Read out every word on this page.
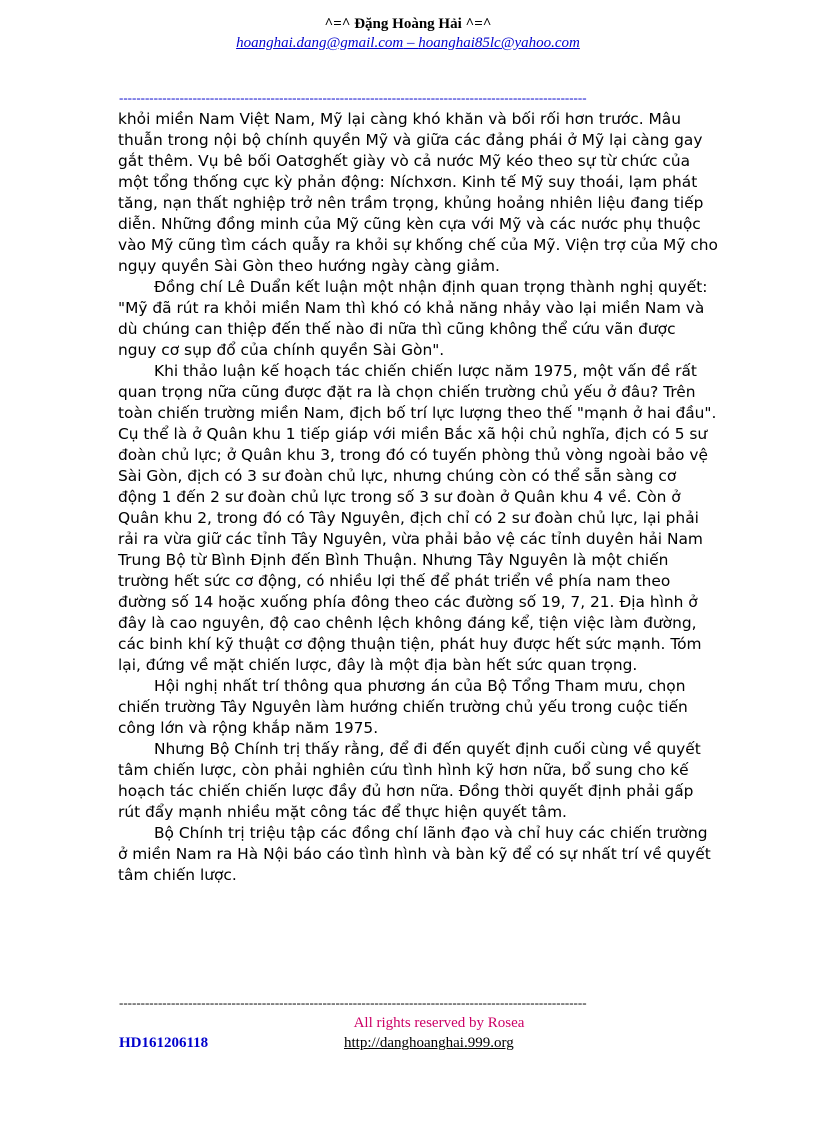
^=^ Đặng Hoàng Hải ^=^
hoanghai.dang@gmail.com – hoanghai85lc@yahoo.com
------------------------------------------------------------------------------------------------------------

khỏi miền Nam Việt Nam, Mỹ lại càng khó khăn và bối rối hơn trước. Mâu thuẫn trong nội bộ chính quyền Mỹ và giữa các đảng phái ở Mỹ lại càng gay gắt thêm. Vụ bê bối Oatơghết giày vò cả nước Mỹ kéo theo sự từ chức của một tổng thống cực kỳ phản động: Níchxơn. Kinh tế Mỹ suy thoái, lạm phát tăng, nạn thất nghiệp trở nên trầm trọng, khủng hoảng nhiên liệu đang tiếp diễn. Những đồng minh của Mỹ cũng kèn cựa với Mỹ và các nước phụ thuộc vào Mỹ cũng tìm cách quẫy ra khỏi sự khống chế của Mỹ. Viện trợ của Mỹ cho ngụy quyền Sài Gòn theo hướng ngày càng giảm.

Đồng chí Lê Duẩn kết luận một nhận định quan trọng thành nghị quyết: "Mỹ đã rút ra khỏi miền Nam thì khó có khả năng nhảy vào lại miền Nam và dù chúng can thiệp đến thế nào đi nữa thì cũng không thể cứu vãn được nguy cơ sụp đổ của chính quyền Sài Gòn".

Khi thảo luận kế hoạch tác chiến chiến lược năm 1975, một vấn đề rất quan trọng nữa cũng được đặt ra là chọn chiến trường chủ yếu ở đâu? Trên toàn chiến trường miền Nam, địch bố trí lực lượng theo thế "mạnh ở hai đầu". Cụ thể là ở Quân khu 1 tiếp giáp với miền Bắc xã hội chủ nghĩa, địch có 5 sư đoàn chủ lực; ở Quân khu 3, trong đó có tuyến phòng thủ vòng ngoài bảo vệ Sài Gòn, địch có 3 sư đoàn chủ lực, nhưng chúng còn có thể sẵn sàng cơ động 1 đến 2 sư đoàn chủ lực trong số 3 sư đoàn ở Quân khu 4 về. Còn ở Quân khu 2, trong đó có Tây Nguyên, địch chỉ có 2 sư đoàn chủ lực, lại phải rải ra vừa giữ các tỉnh Tây Nguyên, vừa phải bảo vệ các tỉnh duyên hải Nam Trung Bộ từ Bình Định đến Bình Thuận. Nhưng Tây Nguyên là một chiến trường hết sức cơ động, có nhiều lợi thế để phát triển về phía nam theo đường số 14 hoặc xuống phía đông theo các đường số 19, 7, 21. Địa hình ở đây là cao nguyên, độ cao chênh lệch không đáng kể, tiện việc làm đường, các binh khí kỹ thuật cơ động thuận tiện, phát huy được hết sức mạnh. Tóm lại, đứng về mặt chiến lược, đây là một địa bàn hết sức quan trọng.

Hội nghị nhất trí thông qua phương án của Bộ Tổng Tham mưu, chọn chiến trường Tây Nguyên làm hướng chiến trường chủ yếu trong cuộc tiến công lớn và rộng khắp năm 1975.

Nhưng Bộ Chính trị thấy rằng, để đi đến quyết định cuối cùng về quyết tâm chiến lược, còn phải nghiên cứu tình hình kỹ hơn nữa, bổ sung cho kế hoạch tác chiến chiến lược đầy đủ hơn nữa. Đồng thời quyết định phải gấp rút đẩy mạnh nhiều mặt công tác để thực hiện quyết tâm.

Bộ Chính trị triệu tập các đồng chí lãnh đạo và chỉ huy các chiến trường ở miền Nam ra Hà Nội báo cáo tình hình và bàn kỹ để có sự nhất trí về quyết tâm chiến lược.

------------------------------------------------------------------------------------------------------------
All rights reserved by Rosea
HD161206118	http://danghoanghai.999.org
